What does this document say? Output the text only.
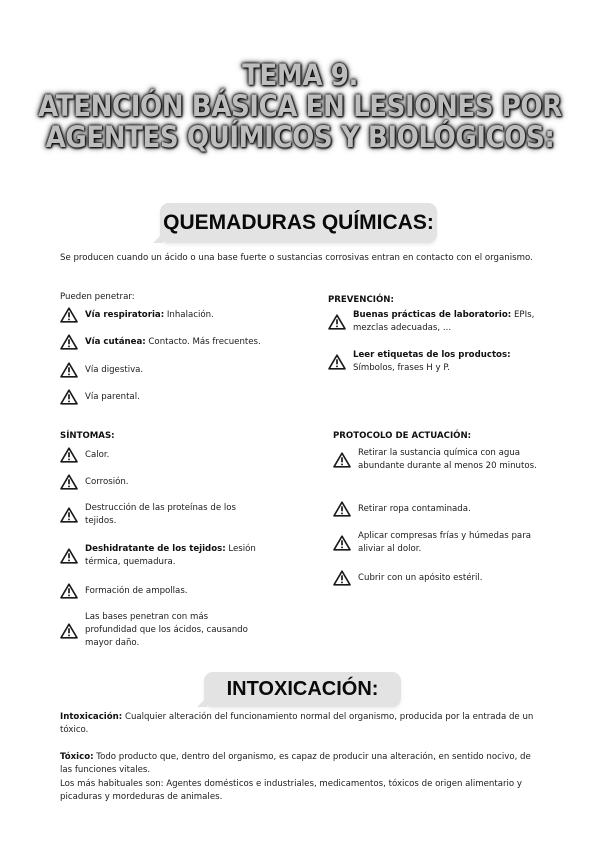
TEMA 9.
ATENCIÓN BÁSICA EN LESIONES POR
AGENTES QUÍMICOS Y BIOLÓGICOS:
QUEMADURAS QUÍMICAS:
Se producen cuando un ácido o una base fuerte o sustancias corrosivas entran en contacto con el organismo.
Pueden penetrar:	PREVENCIÓN:
SÍNTOMAS:	PROTOCOLO DE ACTUACIÓN:
INTOXICACIÓN:
Intoxicación: Cualquier alteración del funcionamiento normal del organismo, producida por la entrada de un tóxico.
Tóxico: Todo producto que, dentro del organismo, es capaz de producir una alteración, en sentido nocivo, de las funciones vitales.
Los más habituales son: Agentes domésticos e industriales, medicamentos, tóxicos de origen alimentario y picaduras y mordeduras de animales.
Vía respiratoria: Inhalación.
Vía cutánea: Contacto. Más frecuentes.
Vía digestiva.
Vía parental.
Buenas prácticas de laboratorio: EPIs, mezclas adecuadas, ...
Leer etiquetas de los productos: Símbolos, frases H y P.
Calor.
Corrosión.
Destrucción de las proteínas de los tejidos.
Deshidratante de los tejidos: Lesión térmica, quemadura.
Formación de ampollas.
Las bases penetran con más profundidad que los ácidos, causando mayor daño.
Retirar la sustancia química con agua abundante durante al menos 20 minutos.
Retirar ropa contaminada.
Aplicar compresas frías y húmedas para aliviar al dolor.
Cubrir con un apósito estéril.
